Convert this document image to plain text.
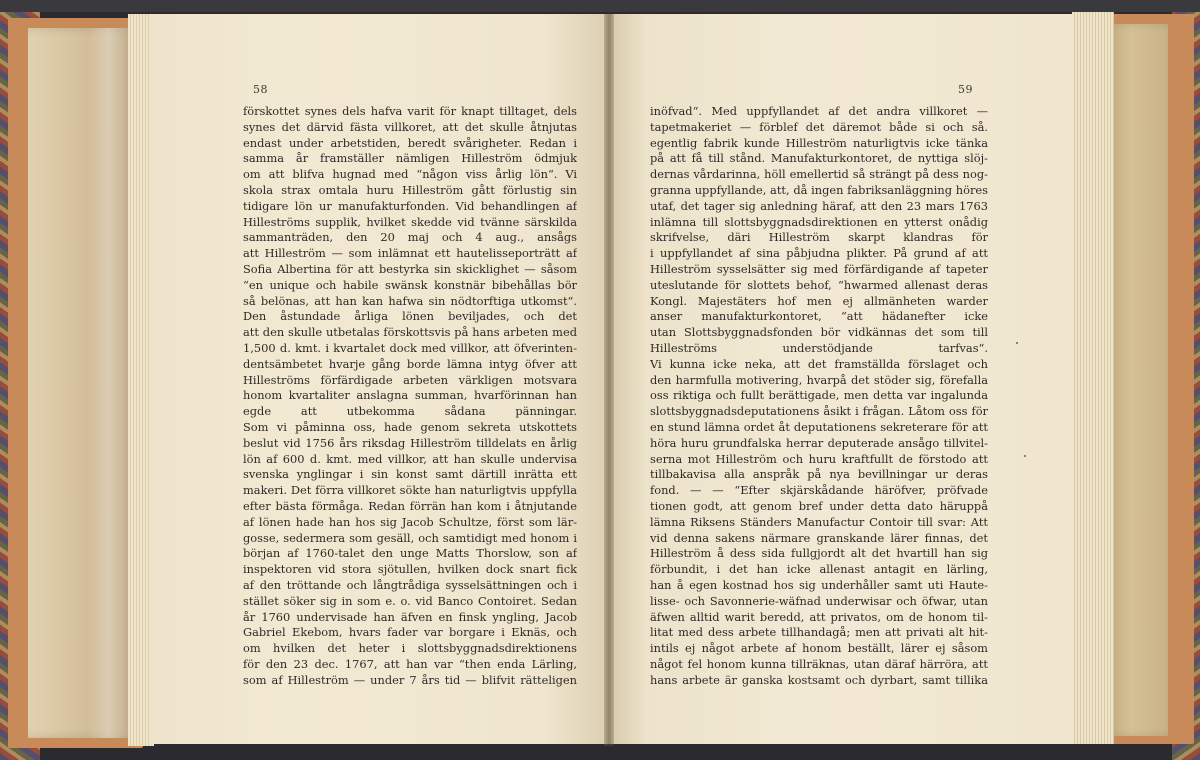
58	59
förskottet synes dels hafva varit för knapt tilltaget, dels
synes det därvid fästa villkoret, att det skulle åtnjutas
endast under arbetstiden, beredt svårigheter. Redan i
samma år framställer nämligen Hilleström ödmjuk
om att blifva hugnad med “någon viss årlig lön“. Vi
skola strax omtala huru Hilleström gått förlustig sin
tidigare lön ur manufakturfonden. Vid behandlingen af
Hilleströms supplik, hvilket skedde vid tvänne särskilda
sammanträden, den 20 maj och 4 aug., ansågs
att Hilleström — som inlämnat ett hautelisseporträtt af
Sofia Albertina för att bestyrka sin skicklighet — såsom
“en unique och habile swänsk konstnär bibehållas bör
så belönas, att han kan hafwa sin nödtorftiga utkomst“.
Den åstundade årliga lönen beviljades, och det
att den skulle utbetalas förskottsvis på hans arbeten med
1,500 d. kmt. i kvartalet dock med villkor, att öfverinten-
dentsämbetet hvarje gång borde lämna intyg öfver att
Hilleströms förfärdigade arbeten värkligen motsvara
honom kvartaliter anslagna summan, hvarförinnan han
egde att utbekomma sådana pänningar.
Som vi påminna oss, hade genom sekreta utskottets
beslut vid 1756 års riksdag Hilleström tilldelats en årlig
lön af 600 d. kmt. med villkor, att han skulle undervisa
svenska ynglingar i sin konst samt därtill inrätta ett
makeri. Det förra villkoret sökte han naturligtvis uppfylla
efter bästa förmåga. Redan förrän han kom i åtnjutande
af lönen hade han hos sig Jacob Schultze, först som lär-
gosse, sedermera som gesäll, och samtidigt med honom i
början af 1760-talet den unge Matts Thorslow, son af
inspektoren vid stora sjötullen, hvilken dock snart fick
af den tröttande och långtrådiga sysselsättningen och i
stället söker sig in som e. o. vid Banco Contoiret. Sedan
år 1760 undervisade han äfven en finsk yngling, Jacob
Gabriel Ekebom, hvars fader var borgare i Eknäs, och
om hvilken det heter i slottsbyggnadsdirektionens
för den 23 dec. 1767, att han var “then enda Lärling,
som af Hilleström — under 7 års tid — blifvit rätteligen
inöfvad“. Med uppfyllandet af det andra villkoret —
tapetmakeriet — förblef det däremot både si och så.
egentlig fabrik kunde Hilleström naturligtvis icke tänka
på att få till stånd. Manufakturkontoret, de nyttiga slöj-
dernas vårdarinna, höll emellertid så strängt på dess nog-
granna uppfyllande, att, då ingen fabriksanläggning höres
utaf, det tager sig anledning häraf, att den 23 mars 1763
inlämna till slottsbyggnadsdirektionen en ytterst onådig
skrifvelse, däri Hilleström skarpt klandras för
i uppfyllandet af sina påbjudna plikter. På grund af att
Hilleström sysselsätter sig med förfärdigande af tapeter
uteslutande för slottets behof, “hwarmed allenast deras
Kongl. Majestäters hof men ej allmänheten warder
anser manufakturkontoret, “att hädanefter icke
utan Slottsbyggnadsfonden bör vidkännas det som till
Hilleströms understödjande tarfvas“.
Vi kunna icke neka, att det framställda förslaget och
den harmfulla motivering, hvarpå det stöder sig, förefalla
oss riktiga och fullt berättigade, men detta var ingalunda
slottsbyggnadsdeputationens åsikt i frågan. Låtom oss för
en stund lämna ordet åt deputationens sekreterare för att
höra huru grundfalska herrar deputerade ansågo tillvitel-
serna mot Hilleström och huru kraftfullt de förstodo att
tillbakavisa alla anspråk på nya bevillningar ur deras
fond. — — “Efter skjärskådande häröfver, pröfvade
tionen godt, att genom bref under detta dato häruppå
lämna Riksens Ständers Manufactur Contoir till svar: Att
vid denna sakens närmare granskande lärer finnas, det
Hilleström å dess sida fullgjordt alt det hvartill han sig
förbundit, i det han icke allenast antagit en lärling,
han å egen kostnad hos sig underhåller samt uti Haute-
lisse- och Savonnerie-wäfnad underwisar och öfwar, utan
äfwen alltid warit beredd, att privatos, om de honom til-
litat med dess arbete tillhandagå; men att privati alt hit-
intils ej något arbete af honom beställt, lärer ej såsom
något fel honom kunna tillräknas, utan däraf härröra, att
hans arbete är ganska kostsamt och dyrbart, samt tillika
